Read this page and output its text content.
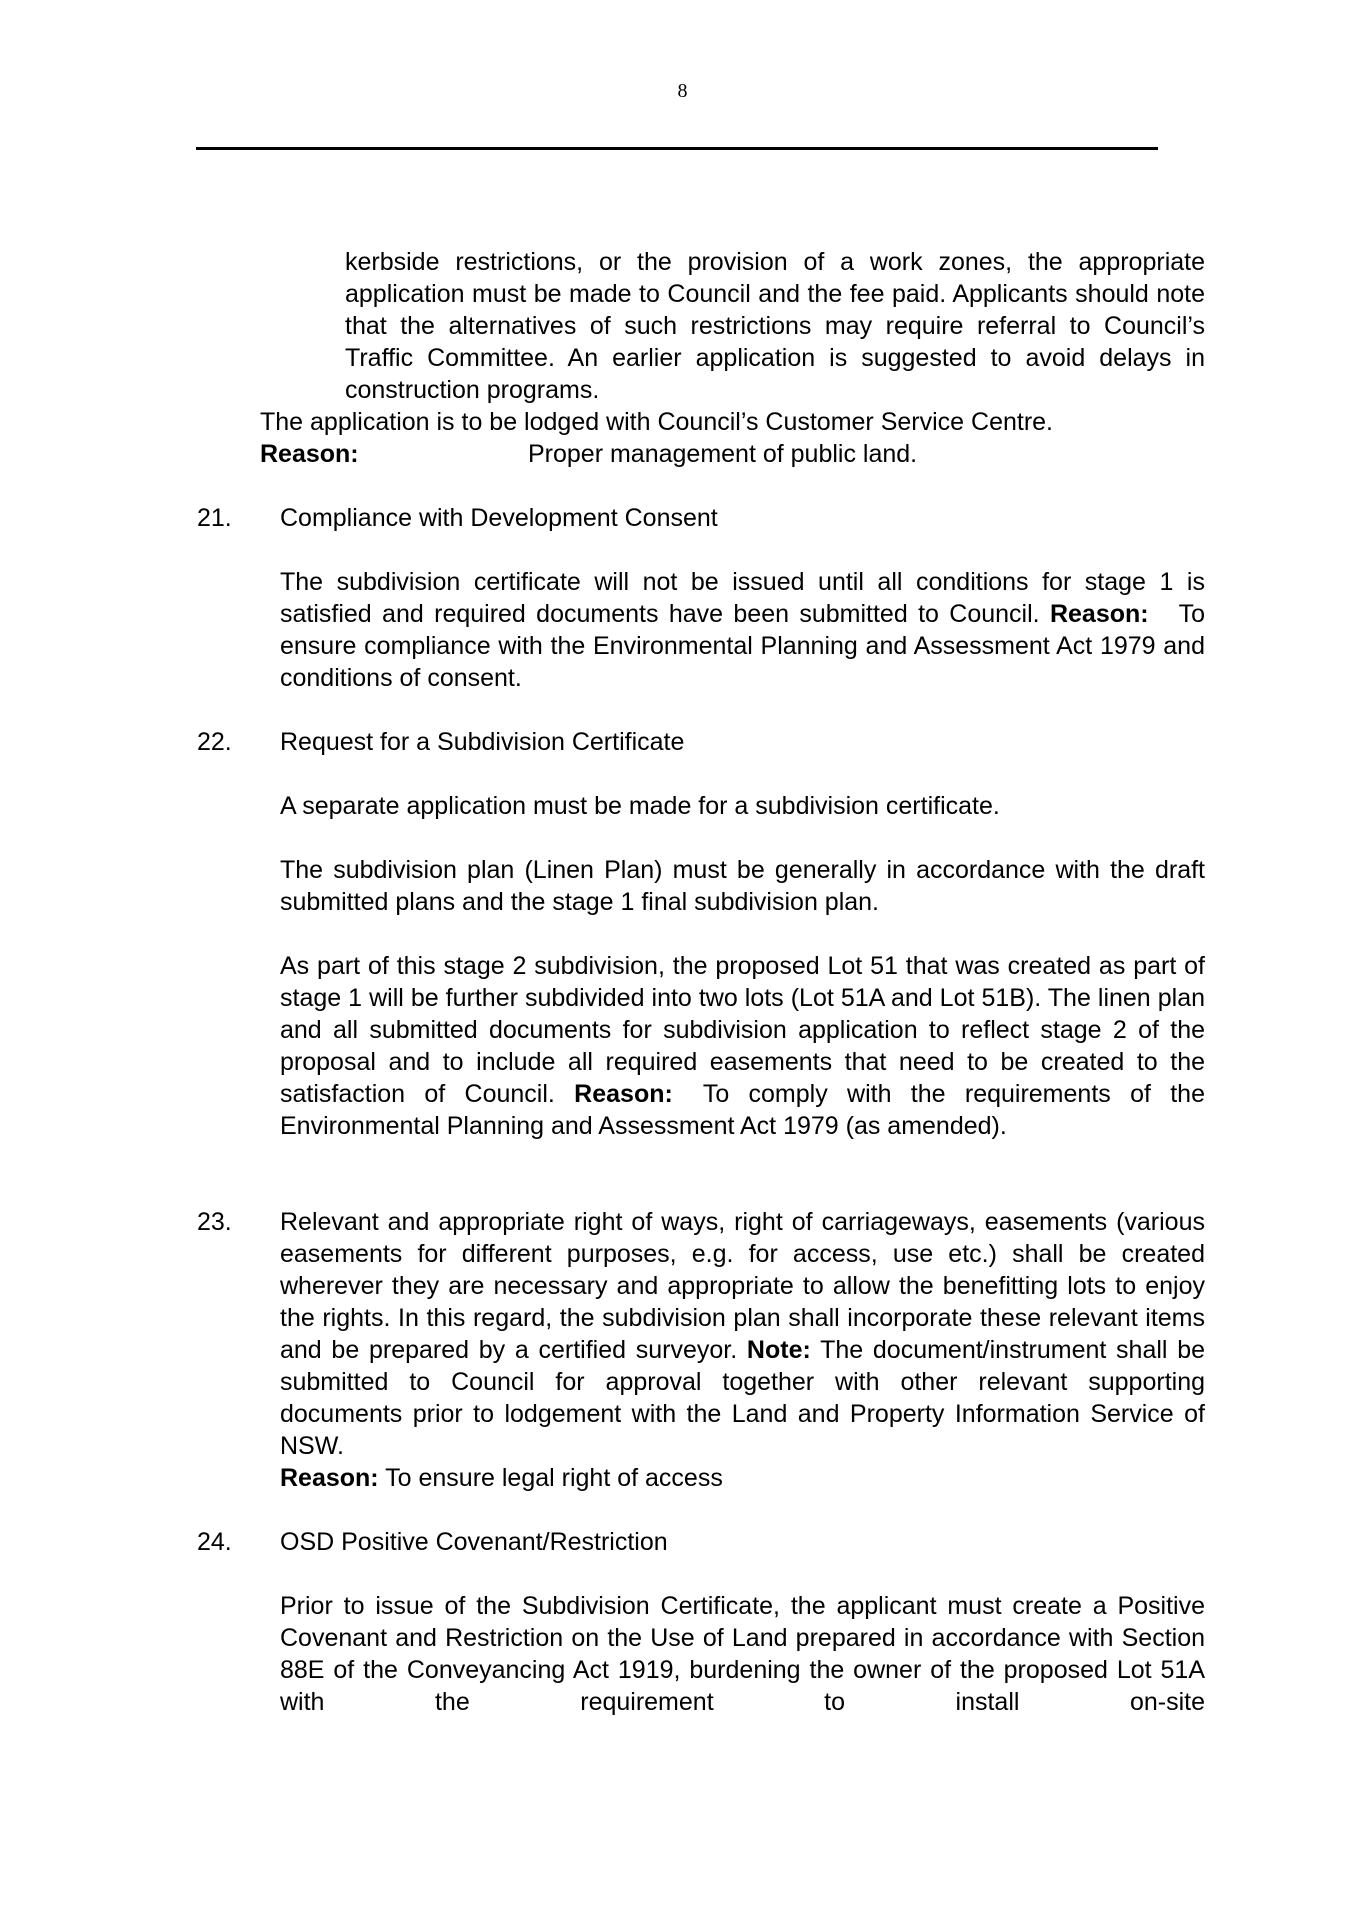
8
kerbside restrictions, or the provision of a work zones, the appropriate application must be made to Council and the fee paid. Applicants should note that the alternatives of such restrictions may require referral to Council’s Traffic Committee. An earlier application is suggested to avoid delays in construction programs.
The application is to be lodged with Council’s Customer Service Centre.
Reason:	Proper management of public land.
21. Compliance with Development Consent
The subdivision certificate will not be issued until all conditions for stage 1 is satisfied and required documents have been submitted to Council. Reason: To ensure compliance with the Environmental Planning and Assessment Act 1979 and conditions of consent.
22. Request for a Subdivision Certificate
A separate application must be made for a subdivision certificate.
The subdivision plan (Linen Plan) must be generally in accordance with the draft submitted plans and the stage 1 final subdivision plan.
As part of this stage 2 subdivision, the proposed Lot 51 that was created as part of stage 1 will be further subdivided into two lots (Lot 51A and Lot 51B). The linen plan and all submitted documents for subdivision application to reflect stage 2 of the proposal and to include all required easements that need to be created to the satisfaction of Council. Reason: To comply with the requirements of the Environmental Planning and Assessment Act 1979 (as amended).
23. Relevant and appropriate right of ways, right of carriageways, easements (various easements for different purposes, e.g. for access, use etc.) shall be created wherever they are necessary and appropriate to allow the benefitting lots to enjoy the rights. In this regard, the subdivision plan shall incorporate these relevant items and be prepared by a certified surveyor. Note: The document/instrument shall be submitted to Council for approval together with other relevant supporting documents prior to lodgement with the Land and Property Information Service of NSW.
Reason: To ensure legal right of access
24. OSD Positive Covenant/Restriction
Prior to issue of the Subdivision Certificate, the applicant must create a Positive Covenant and Restriction on the Use of Land prepared in accordance with Section 88E of the Conveyancing Act 1919, burdening the owner of the proposed Lot 51A with the requirement to install on-site
